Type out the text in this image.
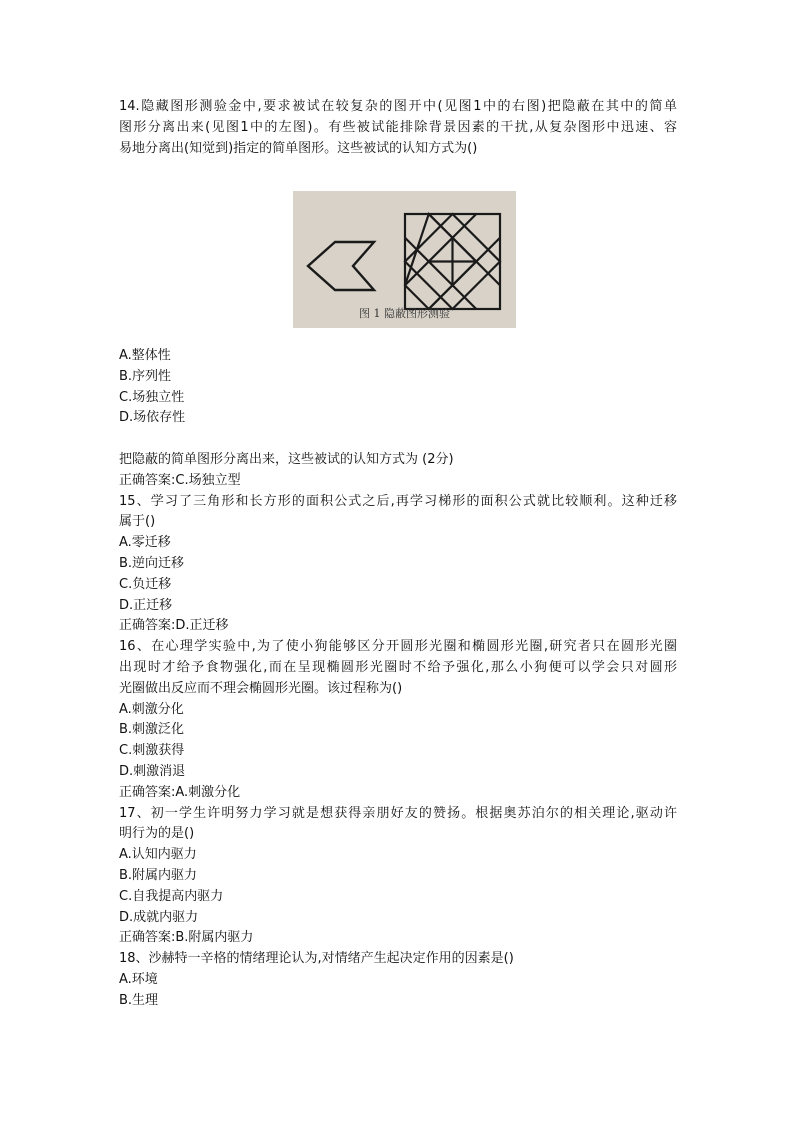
14.隐藏图形测验金中,要求被试在较复杂的图开中(见图1中的右图)把隐蔽在其中的简单
图形分离出来(见图1中的左图)。有些被试能排除背景因素的干扰,从复杂图形中迅速、容
易地分离出(知觉到)指定的简单图形。这些被试的认知方式为()
图 1 隐蔽图形测验
A.整体性
B.序列性
C.场独立性
D.场依存性
把隐蔽的简单图形分离出来，这些被试的认知方式为 (2分)
正确答案:C.场独立型
15、学习了三角形和长方形的面积公式之后,再学习梯形的面积公式就比较顺利。这种迁移
属于()
A.零迁移
B.逆向迁移
C.负迁移
D.正迁移
正确答案:D.正迁移
16、在心理学实验中,为了使小狗能够区分开圆形光圈和椭圆形光圈,研究者只在圆形光圈
出现时才给予食物强化,而在呈现椭圆形光圈时不给予强化,那么小狗便可以学会只对圆形
光圈做出反应而不理会椭圆形光圈。该过程称为()
A.刺激分化
B.刺激泛化
C.刺激获得
D.刺激消退
正确答案:A.刺激分化
17、初一学生许明努力学习就是想获得亲朋好友的赞扬。根据奥苏泊尔的相关理论,驱动许
明行为的是()
A.认知内驱力
B.附属内驱力
C.自我提高内驱力
D.成就内驱力
正确答案:B.附属内驱力
18、沙赫特一辛格的情绪理论认为,对情绪产生起决定作用的因素是()
A.环境
B.生理
